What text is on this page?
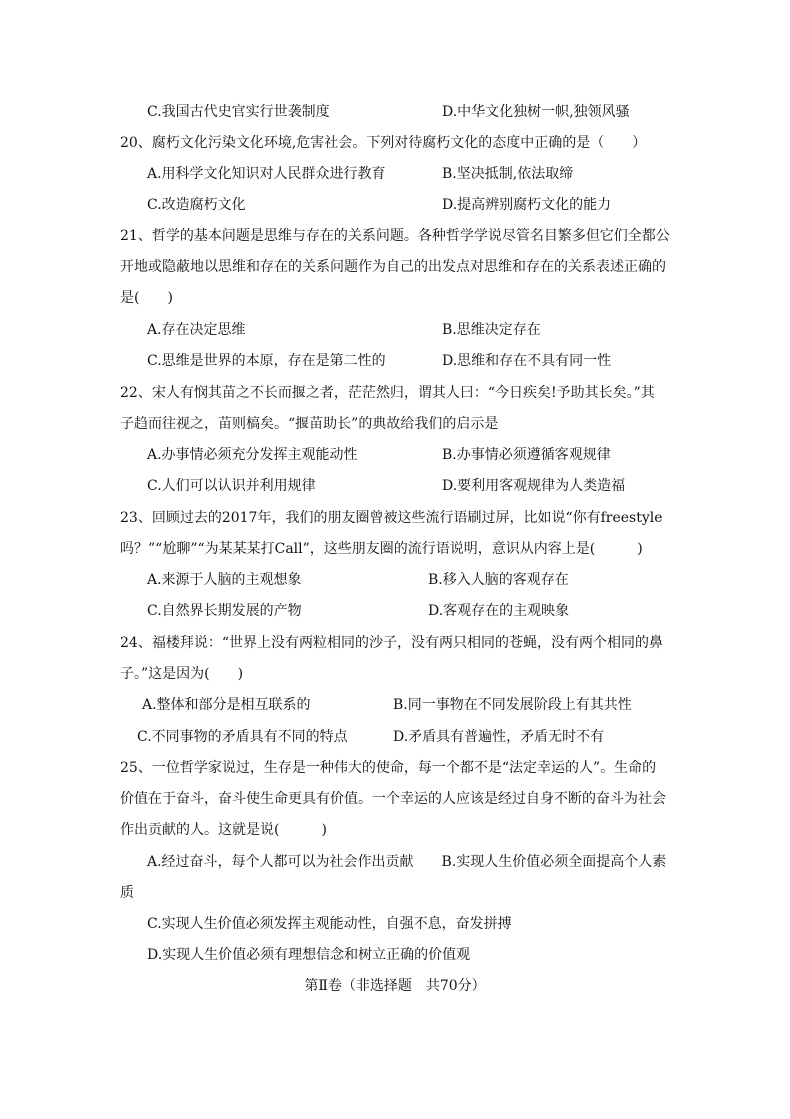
C.我国古代史官实行世袭制度	D.中华文化独树一帜,独领风骚
20、腐朽文化污染文化环境,危害社会。下列对待腐朽文化的态度中正确的是（　　）
A.用科学文化知识对人民群众进行教育	B.坚决抵制,依法取缔
C.改造腐朽文化	D.提高辨别腐朽文化的能力
21、哲学的基本问题是思维与存在的关系问题。各种哲学学说尽管名目繁多但它们全都公
开地或隐蔽地以思维和存在的关系问题作为自己的出发点对思维和存在的关系表述正确的
是(　　)
A.存在决定思维	B.思维决定存在
C.思维是世界的本原，存在是第二性的	D.思维和存在不具有同一性
22、宋人有悯其苗之不长而揠之者，茫茫然归，谓其人曰：“今日疾矣!予助其长矣。”其
子趋而往视之，苗则槁矣。“揠苗助长”的典故给我们的启示是
A.办事情必须充分发挥主观能动性	B.办事情必须遵循客观规律
C.人们可以认识并利用规律	D.要利用客观规律为人类造福
23、回顾过去的2017年，我们的朋友圈曾被这些流行语刷过屏，比如说“你有freestyle
吗？”“尬聊”“为某某某打Call”，这些朋友圈的流行语说明，意识从内容上是(　　　)
A.来源于人脑的主观想象	B.移入人脑的客观存在
C.自然界长期发展的产物	D.客观存在的主观映象
24、福楼拜说：“世界上没有两粒相同的沙子，没有两只相同的苍蝇，没有两个相同的鼻
子。”这是因为(　　)
A.整体和部分是相互联系的	B.同一事物在不同发展阶段上有其共性
C.不同事物的矛盾具有不同的特点	D.矛盾具有普遍性，矛盾无时不有
25、一位哲学家说过，生存是一种伟大的使命，每一个都不是“法定幸运的人”。生命的
价值在于奋斗，奋斗使生命更具有价值。一个幸运的人应该是经过自身不断的奋斗为社会
作出贡献的人。这就是说(　　　)
A.经过奋斗，每个人都可以为社会作出贡献　　B.实现人生价值必须全面提高个人素
质
C.实现人生价值必须发挥主观能动性，自强不息，奋发拼搏
D.实现人生价值必须有理想信念和树立正确的价值观
第Ⅱ卷（非选择题　共70分）
